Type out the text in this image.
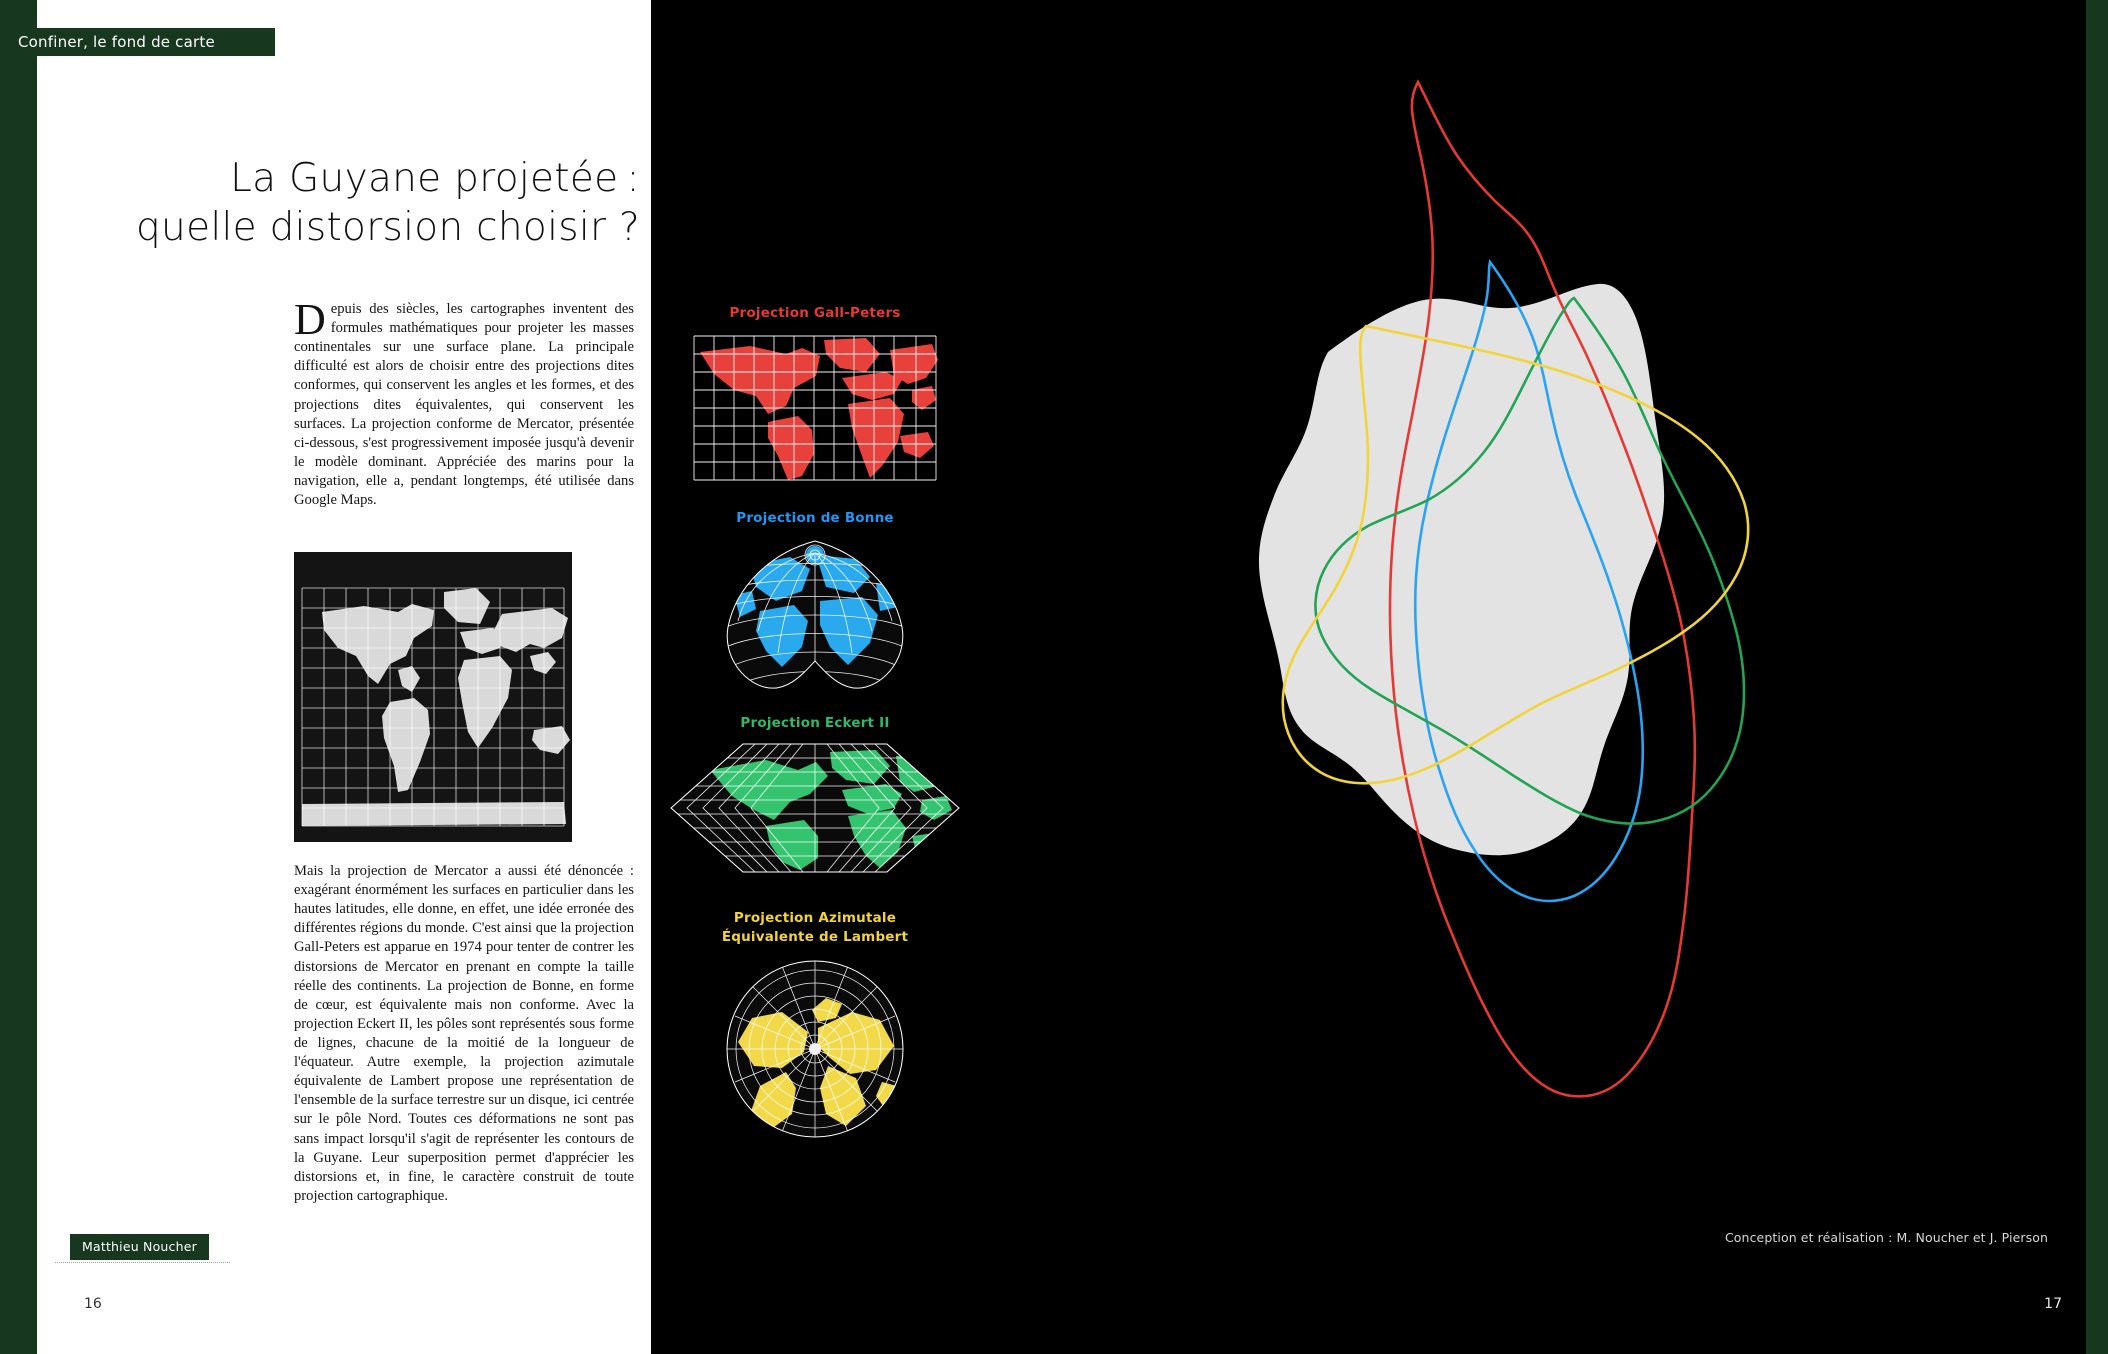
Confiner, le fond de carte
La Guyane projetée :
quelle distorsion choisir ?
Depuis des siècles, les cartographes inventent des formules mathématiques pour projeter les masses continentales sur une surface plane. La principale difficulté est alors de choisir entre des projections dites conformes, qui conservent les angles et les formes, et des projections dites équivalentes, qui conservent les surfaces. La projection conforme de Mercator, présentée ci-dessous, s'est progressivement imposée jusqu'à devenir le modèle dominant. Appréciée des marins pour la navigation, elle a, pendant longtemps, été utilisée dans Google Maps.
Mais la projection de Mercator a aussi été dénoncée : exagérant énormément les surfaces en particulier dans les hautes latitudes, elle donne, en effet, une idée erronée des différentes régions du monde. C'est ainsi que la projection Gall-Peters est apparue en 1974 pour tenter de contrer les distorsions de Mercator en prenant en compte la taille réelle des continents. La projection de Bonne, en forme de cœur, est équivalente mais non conforme. Avec la projection Eckert II, les pôles sont représentés sous forme de lignes, chacune de la moitié de la longueur de l'équateur. Autre exemple, la projection azimutale équivalente de Lambert propose une représentation de l'ensemble de la surface terrestre sur un disque, ici centrée sur le pôle Nord. Toutes ces déformations ne sont pas sans impact lorsqu'il s'agit de représenter les contours de la Guyane. Leur superposition permet d'apprécier les distorsions et, in fine, le caractère construit de toute projection cartographique.
Matthieu Noucher
16	17
Projection Gall-Peters
Projection de Bonne
Projection Eckert II
Projection Azimutale
Équivalente de Lambert
Conception et réalisation : M. Noucher et J. Pierson
